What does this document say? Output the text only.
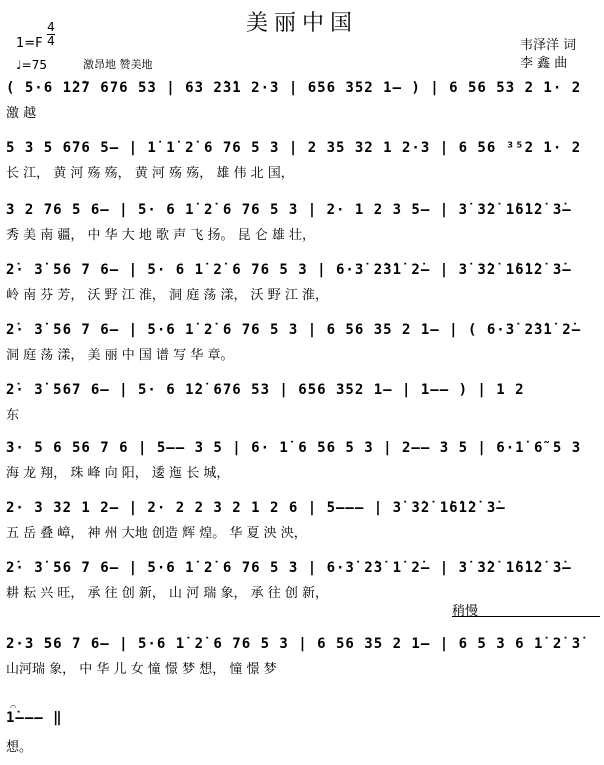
美丽中国
1=F
4
4
♩=75	激昂地 赞美地
韦泽洋 词
李 鑫 曲
( 5·6 1̇2̇7 676 53 | 63 2̇3̇1 2·3 | 656 352 1– ) | 6 56 53 2 1· 2
激 越
5 3 5 6̃76 5– | 1̇ 1̇ 2̇ 6 76 5 3 | 2 35 32 1 2·3 | 6 56 ³⁵2 1· 2
长 江， 黄 河 殇 殇， 黄 河 殇 殇， 雄 伟 北 国，
3 2 76 5 6– | 5· 6 1̇ 2̇ 6 76 5 3 | 2· 1 2 3 5– | 3̇ 3̇2̇ 1̇6̇1̇2̇ 3̇–
秀 美 南 疆， 中 华 大 地 歌 声 飞 扬。 昆 仑 雄 壮，
2̇· 3̇ 56 7 6– | 5· 6 1̇ 2̇ 6 76 5 3 | 6·3̇ 2̇3̇1̇ 2̇– | 3̇ 3̇2̇ 1̇6̇1̇2̇ 3̇–
岭 南 芬 芳， 沃 野 江 淮， 洞 庭 荡 漾， 沃 野 江 淮，
2̇· 3̇ 56 7 6– | 5·6 1̇ 2̇ 6 76 5 3 | 6 56 35 2 1– | ( 6·3̇ 2̇3̇1̇ 2̇–
洞 庭 荡 漾， 美 丽 中 国 谱 写 华 章。
2̇· 3̇ 567 6– | 5· 6 1̇2̇ 676 53 | 656 352 1– | 1–– ) | 1 2
东
3· 5 6 56 7 6 | 5–– 3 5 | 6· 1̇ 6 56 5 3 | 2–– 3 5 | 6·1̇ 6̃ 5 3
海 龙 翔， 珠 峰 向 阳， 逶 迤 长 城，
2· 3 32 1 2– | 2· 2 2 3 2 1 2 6 | 5––– | 3̇ 3̇2̇ 1̇6̇1̇2̇ 3̇–
五 岳 叠 嶂， 神 州 大地 创造 辉 煌。 华 夏 泱 泱，
2̇· 3̇ 56 7 6– | 5·6 1̇ 2̇ 6 76 5 3 | 6·3̇ 2̇3̇ 1̇ 2̇– | 3̇ 3̇2̇ 1̇6̇1̇2̇ 3̇–
耕 耘 兴 旺， 承 往 创 新， 山 河 瑞 象， 承 往 创 新，
稍慢
2·3 56 7 6– | 5·6 1̇ 2̇ 6 76 5 3 | 6 56 35 2 1– | 6 5 3 6 1̇ 2̇ 3̇
山河瑞 象， 中 华 儿 女 憧 憬 梦 想， 憧 憬 梦
𝄐
1̇––– ‖
想。
